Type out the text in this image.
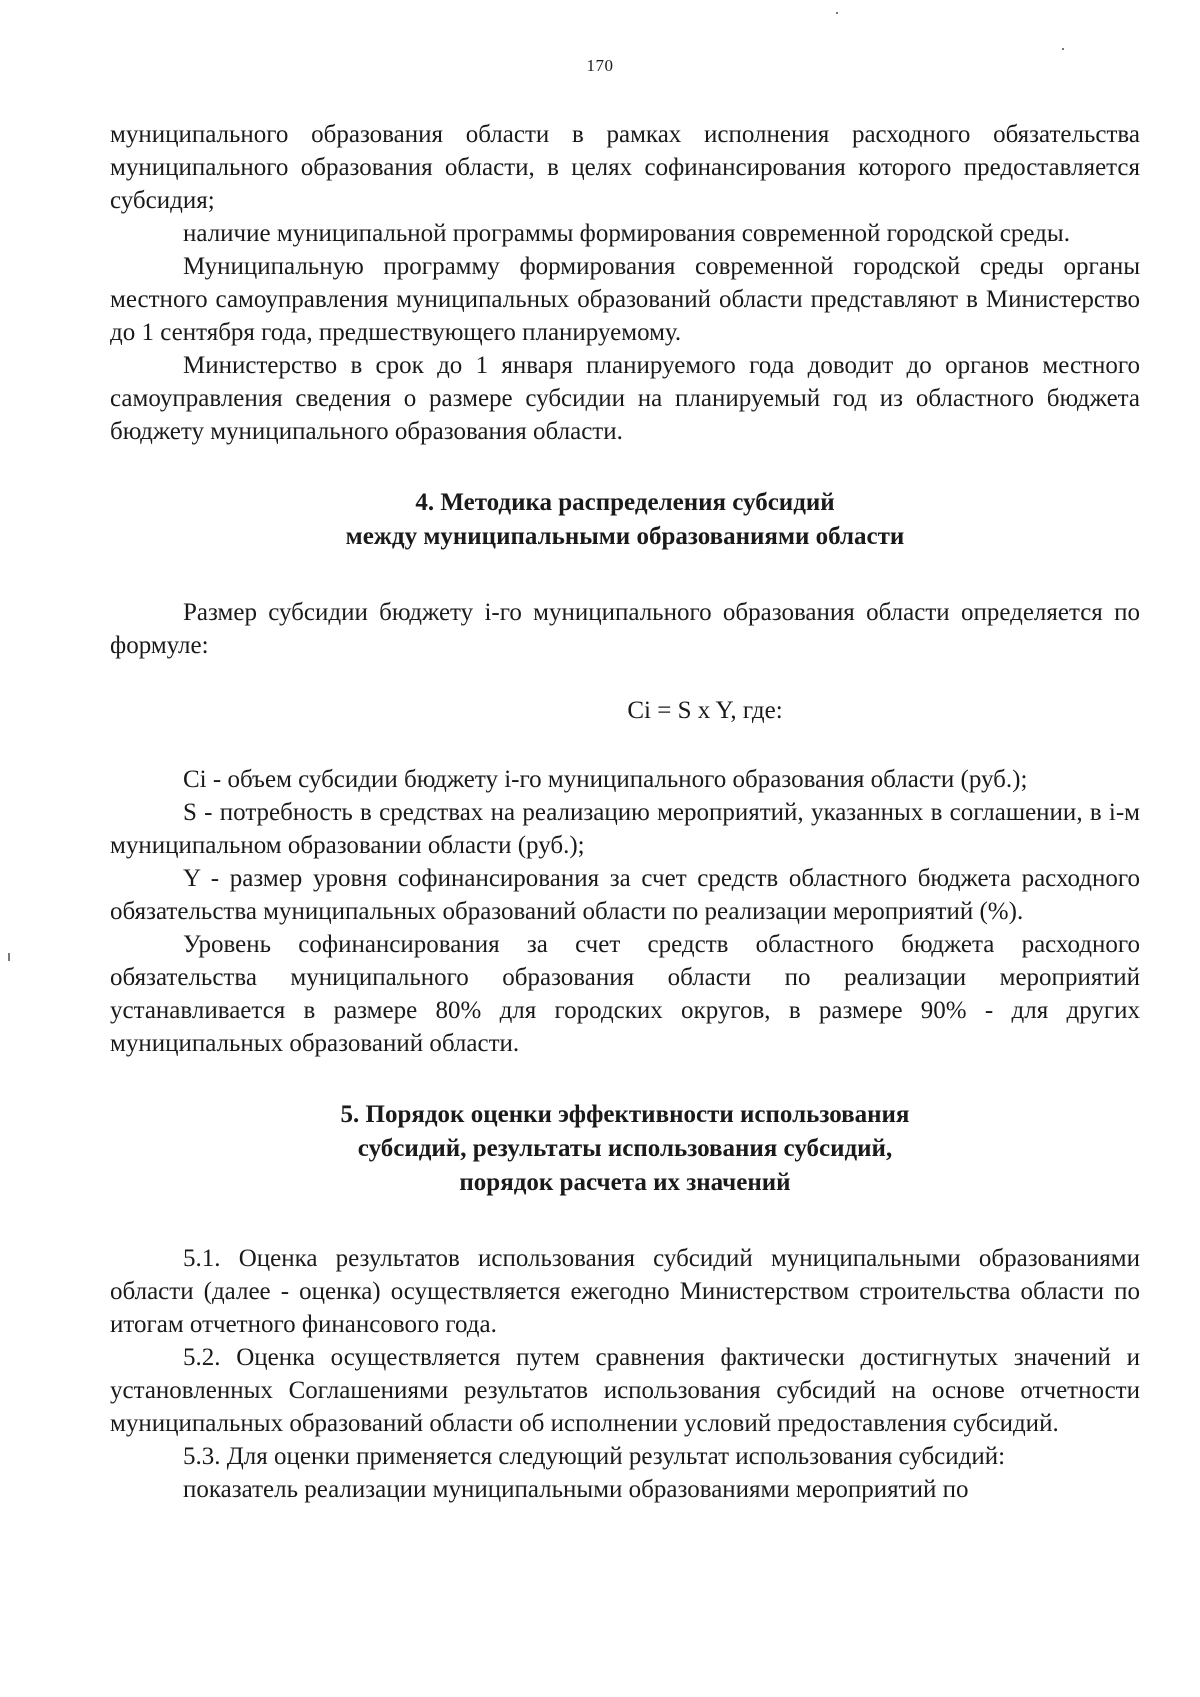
170

муниципального образования области в рамках исполнения расходного обязательства муниципального образования области, в целях софинансирования которого предоставляется субсидия;

наличие муниципальной программы формирования современной городской среды.

Муниципальную программу формирования современной городской среды органы местного самоуправления муниципальных образований области представляют в Министерство до 1 сентября года, предшествующего планируемому.

Министерство в срок до 1 января планируемого года доводит до органов местного самоуправления сведения о размере субсидии на планируемый год из областного бюджета бюджету муниципального образования области.

4. Методика распределения субсидий
между муниципальными образованиями области

Размер субсидии бюджету i-го муниципального образования области определяется по формуле:

Ci = S x Y, где:

Ci - объем субсидии бюджету i-го муниципального образования области (руб.);

S - потребность в средствах на реализацию мероприятий, указанных в соглашении, в i-м муниципальном образовании области (руб.);

Y - размер уровня софинансирования за счет средств областного бюджета расходного обязательства муниципальных образований области по реализации мероприятий (%).

Уровень софинансирования за счет средств областного бюджета расходного обязательства муниципального образования области по реализации мероприятий устанавливается в размере 80% для городских округов, в размере 90% - для других муниципальных образований области.

5. Порядок оценки эффективности использования
субсидий, результаты использования субсидий,
порядок расчета их значений

5.1. Оценка результатов использования субсидий муниципальными образованиями области (далее - оценка) осуществляется ежегодно Министерством строительства области по итогам отчетного финансового года.

5.2. Оценка осуществляется путем сравнения фактически достигнутых значений и установленных Соглашениями результатов использования субсидий на основе отчетности муниципальных образований области об исполнении условий предоставления субсидий.

5.3. Для оценки применяется следующий результат использования субсидий:

показатель реализации муниципальными образованиями мероприятий по
